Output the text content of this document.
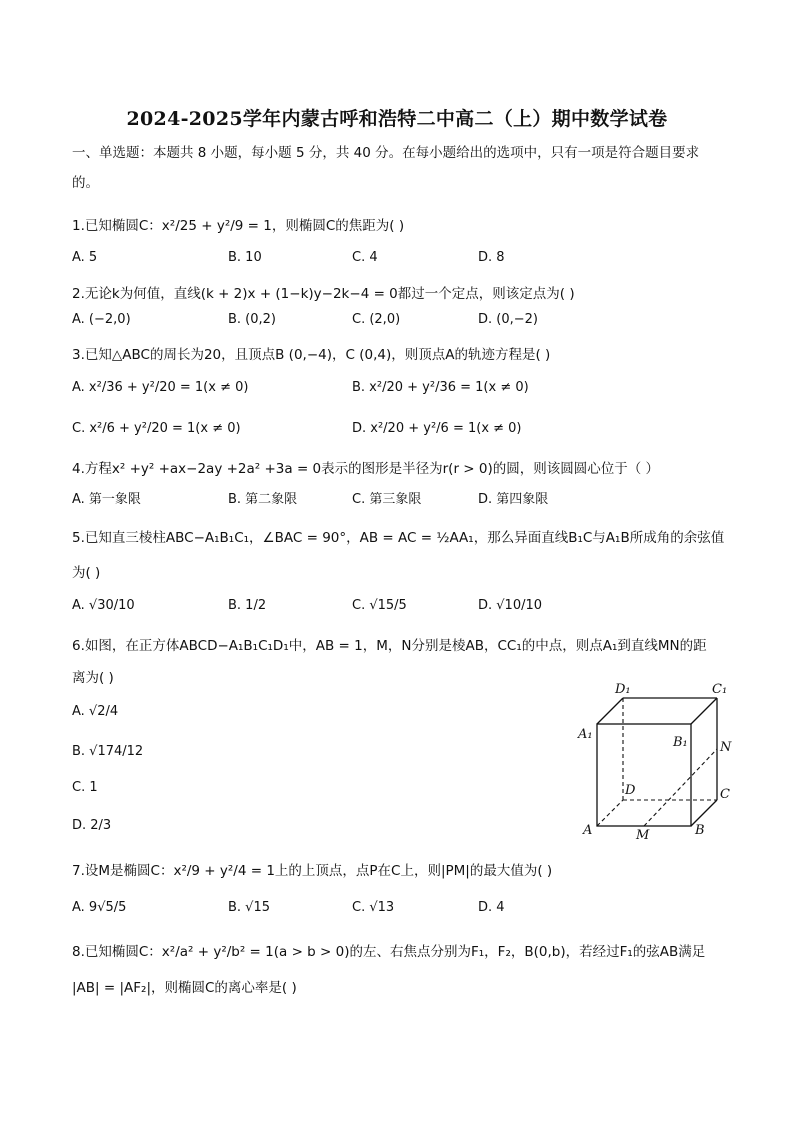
2024-2025学年内蒙古呼和浩特二中高二（上）期中数学试卷
一、单选题：本题共 8 小题，每小题 5 分，共 40 分。在每小题给出的选项中，只有一项是符合题目要求
的。
1.已知椭圆C：x²/25 + y²/9 = 1，则椭圆C的焦距为( )
A. 5	B. 10	C. 4	D. 8
2.无论k为何值，直线(k + 2)x + (1−k)y−2k−4 = 0都过一个定点，则该定点为( )
A. (−2,0)	B. (0,2)	C. (2,0)	D. (0,−2)
3.已知△ABC的周长为20，且顶点B (0,−4)，C (0,4)，则顶点A的轨迹方程是( )
A. x²/36 + y²/20 = 1(x ≠ 0)	B. x²/20 + y²/36 = 1(x ≠ 0)
C. x²/6 + y²/20 = 1(x ≠ 0)	D. x²/20 + y²/6 = 1(x ≠ 0)
4.方程x² +y² +ax−2ay +2a² +3a = 0表示的图形是半径为r(r > 0)的圆，则该圆圆心位于（ ）
A. 第一象限	B. 第二象限	C. 第三象限	D. 第四象限
5.已知直三棱柱ABC−A₁B₁C₁，∠BAC = 90°，AB = AC = ½AA₁，那么异面直线B₁C与A₁B所成角的余弦值
为( )
A. √30/10	B. 1/2	C. √15/5	D. √10/10
6.如图，在正方体ABCD−A₁B₁C₁D₁中，AB = 1，M，N分别是棱AB，CC₁的中点，则点A₁到直线MN的距
离为( )
A. √2/4
B. √174/12
C. 1
D. 2/3
D₁	C₁
A₁
B₁ N
D	C
A	M	B
7.设M是椭圆C：x²/9 + y²/4 = 1上的上顶点，点P在C上，则|PM|的最大值为( )
A. 9√5/5	B. √15	C. √13	D. 4
8.已知椭圆C：x²/a² + y²/b² = 1(a > b > 0)的左、右焦点分别为F₁，F₂，B(0,b)，若经过F₁的弦AB满足
|AB| = |AF₂|，则椭圆C的离心率是( )
